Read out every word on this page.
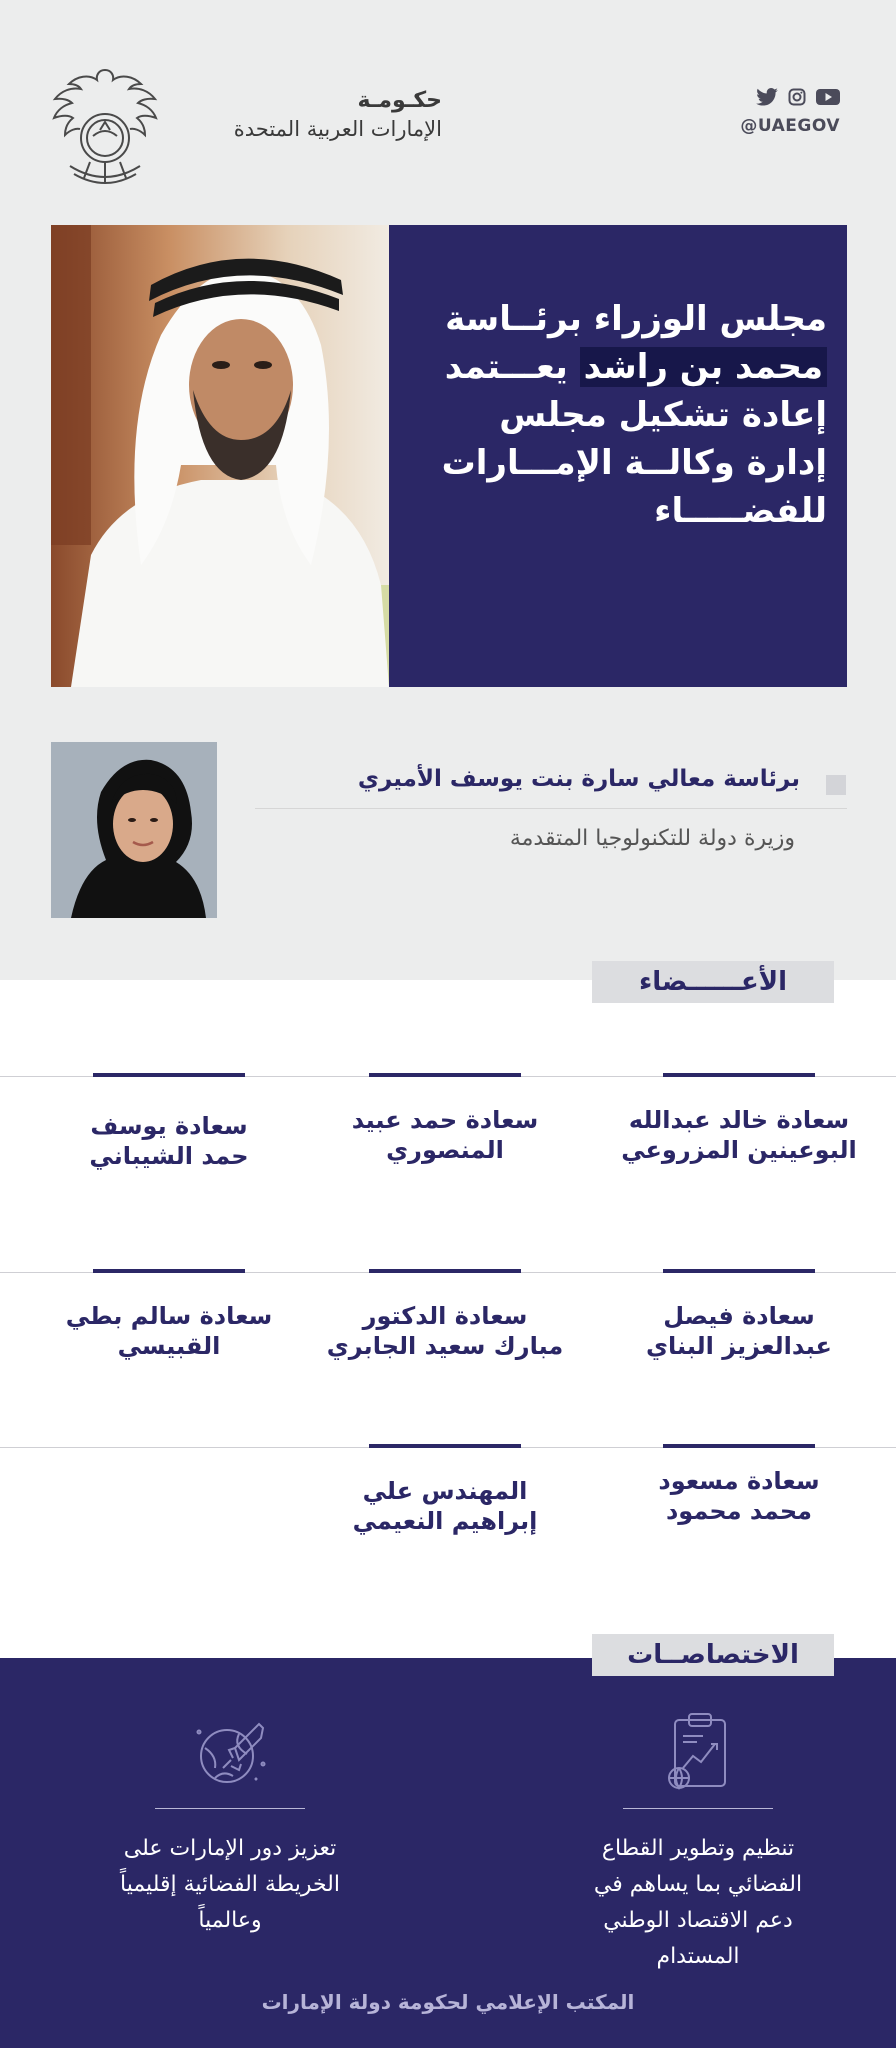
حكـومـة
الإمارات العربية المتحدة	@UAEGOV
مجلس الوزراء برئــاسة
محمد بن راشد يعـــتمد
إعادة تشكيل مجلس
إدارة وكالــة الإمـــارات
للفضـــــاء
برئاسة معالي سارة بنت يوسف الأميري
وزيرة دولة للتكنولوجيا المتقدمة
الأعــــــضاء
سعادة خالد عبدالله
البوعينين المزروعي
سعادة حمد عبيد
المنصوري
سعادة يوسف
حمد الشيباني
سعادة فيصل
عبدالعزيز البناي
سعادة الدكتور
مبارك سعيد الجابري
سعادة سالم بطي
القبيسي
سعادة مسعود
محمد محمود
المهندس علي
إبراهيم النعيمي
تنظيم وتطوير القطاع
الفضائي بما يساهم في
دعم الاقتصاد الوطني
المستدام
تعزيز دور الإمارات على
الخريطة الفضائية إقليمياً
وعالمياً
الاختصاصــات
المكتب الإعلامي لحكومة دولة الإمارات
